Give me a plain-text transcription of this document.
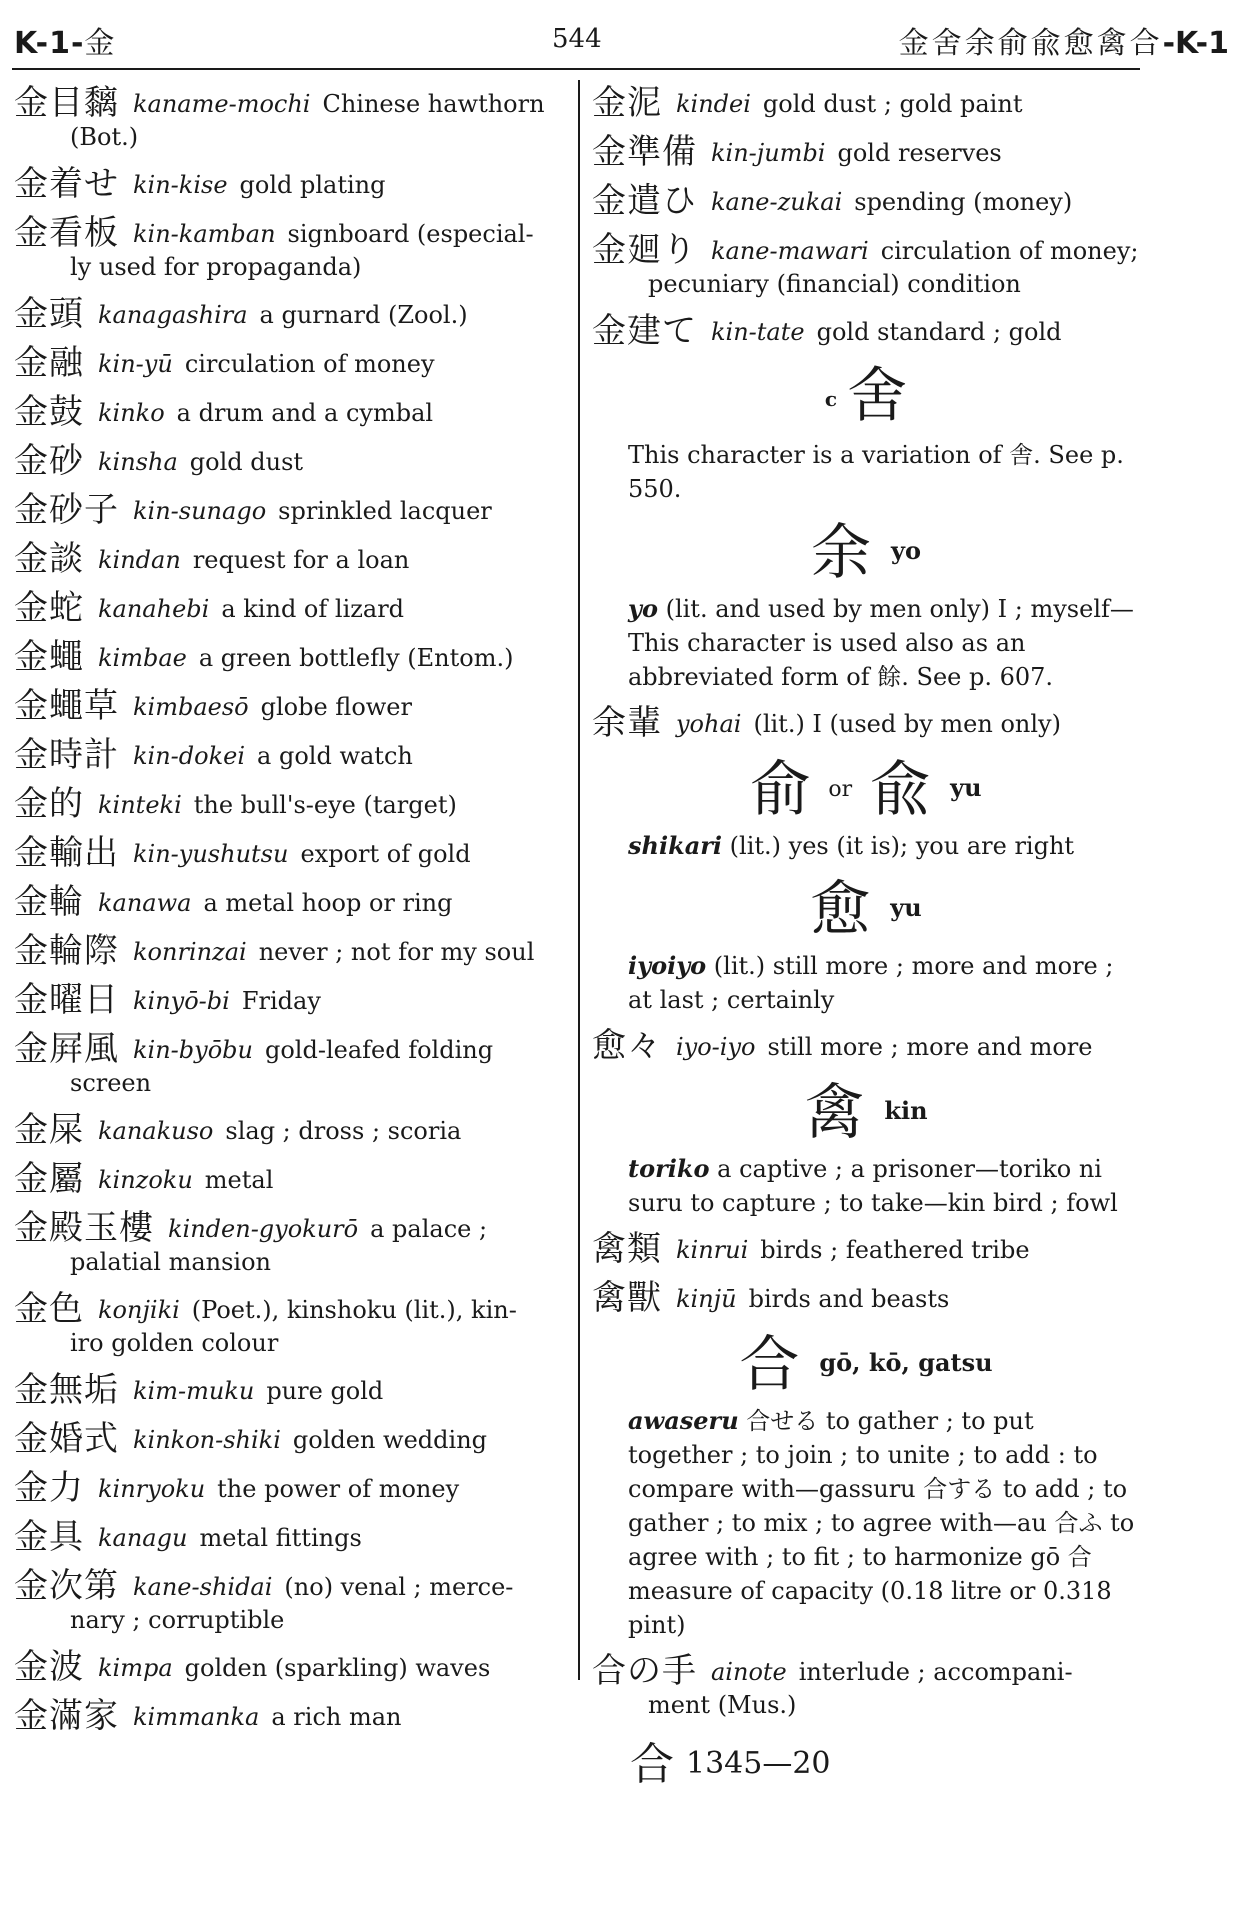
K-1-金	544	金舍余俞兪愈禽合-K-1
金目黐 kaname-mochi Chinese hawthorn
(Bot.)
金着せ kin-kise gold plating
金看板 kin-kamban signboard (especial-
ly used for propaganda)
金頭 kanagashira a gurnard (Zool.)
金融 kin-yū circulation of money
金鼓 kinko a drum and a cymbal
金砂 kinsha gold dust
金砂子 kin-sunago sprinkled lacquer
金談 kindan request for a loan
金蛇 kanahebi a kind of lizard
金蠅 kimbae a green bottlefly (Entom.)
金蠅草 kimbaesō globe flower
金時計 kin-dokei a gold watch
金的 kinteki the bull's-eye (target)
金輸出 kin-yushutsu export of gold
金輪 kanawa a metal hoop or ring
金輪際 konrinzai never ; not for my soul
金曜日 kinyō-bi Friday
金屛風 kin-byōbu gold-leafed folding
screen
金屎 kanakuso slag ; dross ; scoria
金屬 kinzoku metal
金殿玉樓 kinden-gyokurō a palace ;
palatial mansion
金色 konjiki (Poet.), kinshoku (lit.), kin-
iro golden colour
金無垢 kim-muku pure gold
金婚式 kinkon-shiki golden wedding
金力 kinryoku the power of money
金具 kanagu metal fittings
金次第 kane-shidai (no) venal ; merce-
nary ; corruptible
金波 kimpa golden (sparkling) waves
金滿家 kimmanka a rich man
金泥 kindei gold dust ; gold paint
金準備 kin-jumbi gold reserves
金遣ひ kane-zukai spending (money)
金廻り kane-mawari circulation of money;
pecuniary (financial) condition
金建て kin-tate gold standard ; gold
c 舍
This character is a variation of 舎. See p. 550.
余 $^{yo}$
yo (lit. and used by men only) I ; myself—This character is used also as an abbreviated form of 餘. See p. 607.
余輩 yohai (lit.) I (used by men only)
俞 $^{or}$ 兪 $^{yu}$
shikari (lit.) yes (it is); you are right
愈 $^{yu}$
iyoiyo (lit.) still more ; more and more ; at last ; certainly
愈々 iyo-iyo still more ; more and more
禽 $^{kin}$
toriko a captive ; a prisoner—toriko ni suru to capture ; to take—kin bird ; fowl
禽類 kinrui birds ; feathered tribe
禽獸 kinjū birds and beasts
合 $^{gō, kō, gatsu}$
awaseru 合せる to gather ; to put together ; to join ; to unite ; to add : to compare with—gassuru 合する to add ; to gather ; to mix ; to agree with—au 合ふ to agree with ; to fit ; to harmonize gō 合 measure of capacity (0.18 litre or 0.318 pint)
合の手 ainote interlude ; accompani-
ment (Mus.)
合 1345—20
